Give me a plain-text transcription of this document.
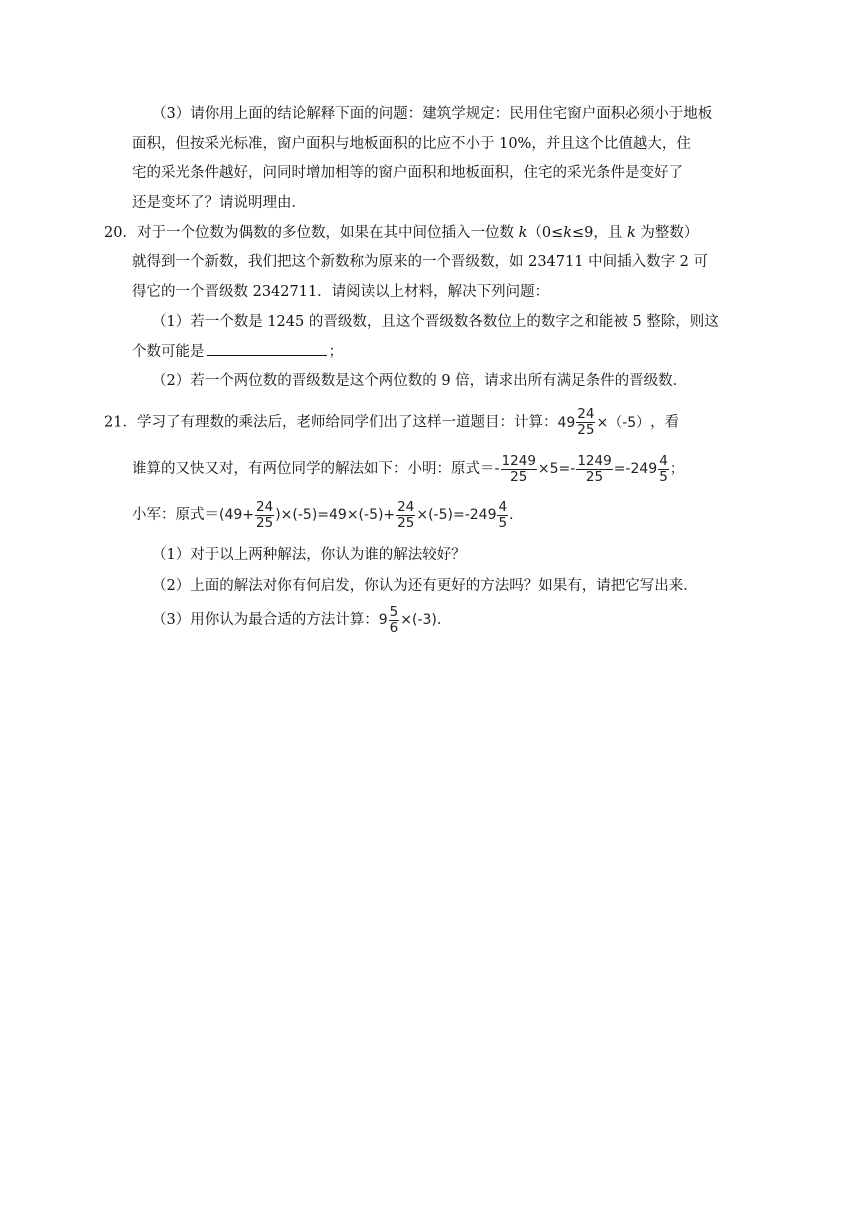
（3）请你用上面的结论解释下面的问题：建筑学规定：民用住宅窗户面积必须小于地板
面积，但按采光标准，窗户面积与地板面积的比应不小于 10%，并且这个比值越大，住
宅的采光条件越好，问同时增加相等的窗户面积和地板面积，住宅的采光条件是变好了
还是变坏了？请说明理由．
20．对于一个位数为偶数的多位数，如果在其中间位插入一位数 k（0≤k≤9，且 k 为整数）
就得到一个新数，我们把这个新数称为原来的一个晋级数，如 234711 中间插入数字 2 可
得它的一个晋级数 2342711．请阅读以上材料，解决下列问题：
（1）若一个数是 1245 的晋级数，且这个晋级数各数位上的数字之和能被 5 整除，则这
个数可能是	；
（2）若一个两位数的晋级数是这个两位数的 9 倍，请求出所有满足条件的晋级数．
21．学习了有理数的乘法后，老师给同学们出了这样一道题目：计算： $49 \frac{24}{25} \times(-5)$ ，看
谁算的又快又对，有两位同学的解法如下：小明：原式＝ - $\frac{1249}{25} \times 5=- \frac{1249}{25} =-249 \frac{4}{5}$ ；
小军：原式＝ $(49+ \frac{24}{25} )\times(-5)=49\times(-5)+ \frac{24}{25} \times(-5)=-249 \frac{4}{5}$ ．
（1）对于以上两种解法，你认为谁的解法较好？
（2）上面的解法对你有何启发，你认为还有更好的方法吗？如果有，请把它写出来．
（3）用你认为最合适的方法计算： $9 \frac{5}{6} \times(-3)$ ．
